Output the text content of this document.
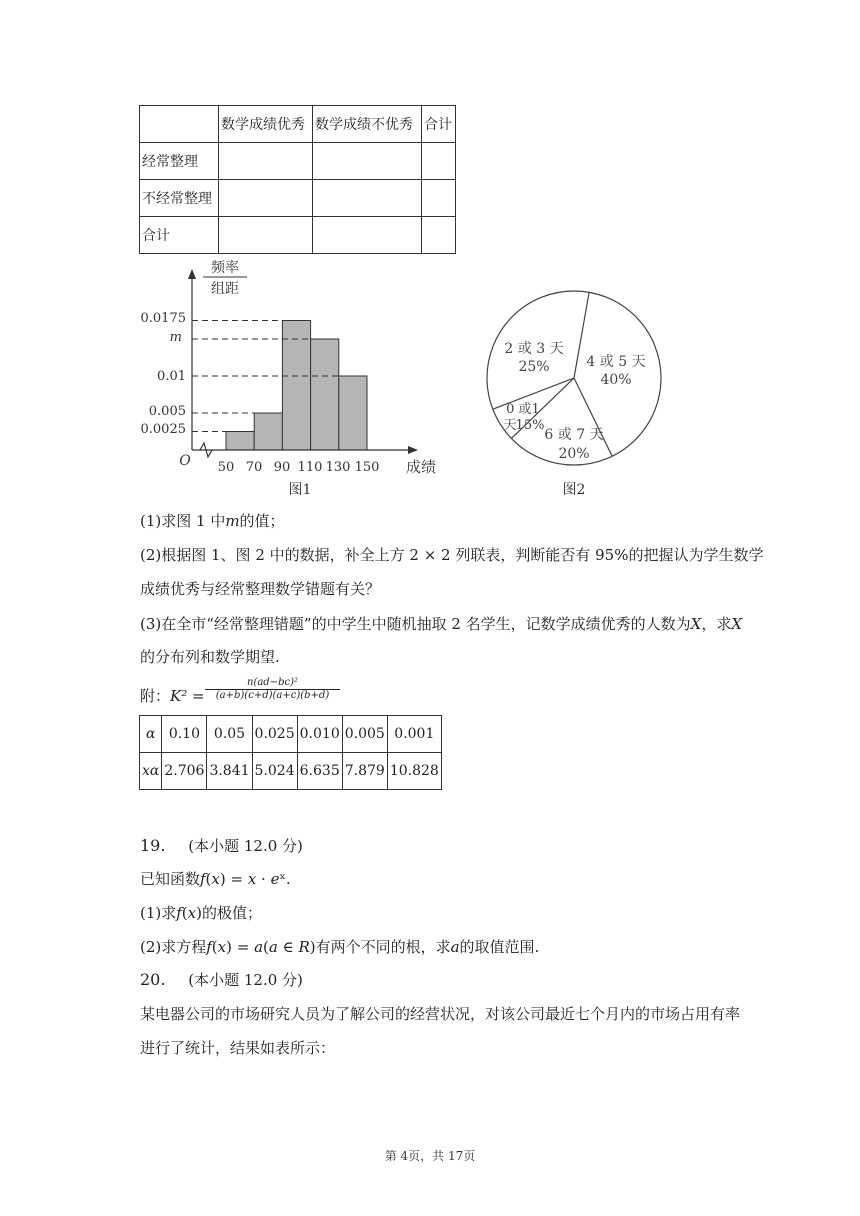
	数学成绩优秀	数学成绩不优秀	合计
经常整理			
不经常整理			
合计			
频率
组距
成绩
O 50 70 90 110 130 150
0.0175
m
0.01
0.005
0.0025
图1
2 或 3 天
25%	4 或 5 天
40%
6 或 7 天
20%
0 或1
天 15%
图2
(1)求图 1 中𝑚的值；
(2)根据图 1、图 2 中的数据，补全上方 2 × 2 列联表，判断能否有 95%的把握认为学生数学
成绩优秀与经常整理数学错题有关？
(3)在全市“经常整理错题”的中学生中随机抽取 2 名学生，记数学成绩优秀的人数为𝑋，求𝑋
的分布列和数学期望.
附：$K^2 = \frac{\text{n(ad−bc)²}}{(a+b)(c+d)(a+c)(b+d)}$
α	0.10	0.05	0.025	0.010	0.005	0.001
xα	2.706	3.841	5.024	6.635	7.879	10.828
19. (本小题 12.0 分)
已知函数𝑓(𝑥) = 𝑥 · 𝑒ˣ.
(1)求𝑓(𝑥)的极值；
(2)求方程𝑓(𝑥) = 𝑎(𝑎 ∈ 𝑅)有两个不同的根，求𝑎的取值范围.
20. (本小题 12.0 分)
某电器公司的市场研究人员为了解公司的经营状况，对该公司最近七个月内的市场占用有率
进行了统计，结果如表所示：
第 4页，共 17页
